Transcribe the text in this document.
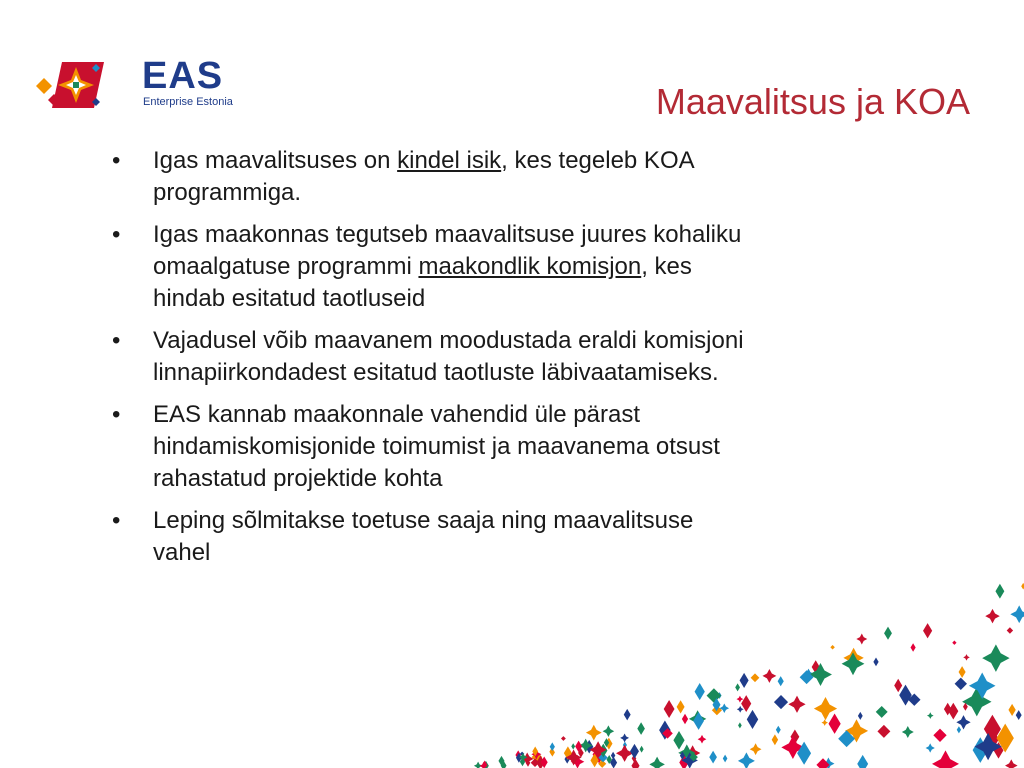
EAS
Enterprise Estonia	Maavalitsus ja KOA
• Igas maavalitsuses on kindel isik, kes tegeleb KOA programmiga.
• Igas maakonnas tegutseb maavalitsuse juures kohaliku omaalgatuse programmi maakondlik komisjon, kes hindab esitatud taotluseid
• Vajadusel võib maavanem moodustada eraldi komisjoni linnapiirkondadest esitatud taotluste läbivaatamiseks.
• EAS kannab maakonnale vahendid üle pärast hindamiskomisjonide toimumist ja maavanema otsust rahastatud projektide kohta
• Leping sõlmitakse toetuse saaja ning maavalitsuse vahel
